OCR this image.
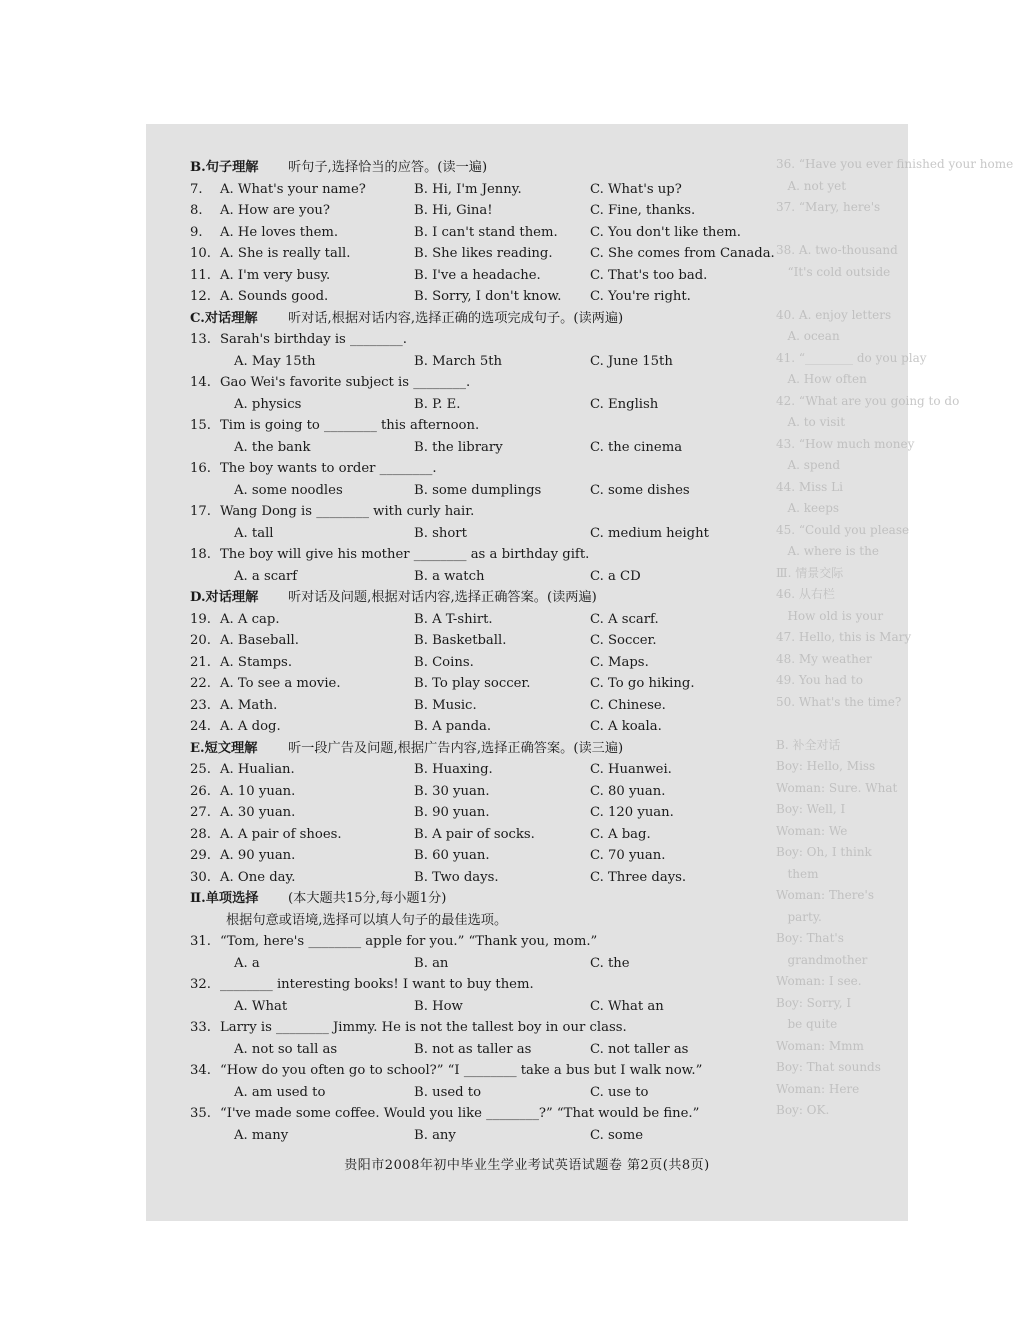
36. “Have you ever finished your home
A. not yet
37. “Mary, here's

38. A. two-thousand
“It's cold outside

40. A. enjoy letters
A. ocean
41. “________ do you play
A. How often
42. “What are you going to do
A. to visit
43. “How much money
A. spend
44. Miss Li
A. keeps
45. “Could you please
A. where is the
Ⅲ. 情景交际
46. 从右栏
How old is your
47. Hello, this is Mary
48. My weather
49. You had to
50. What's the time?

B. 补全对话
Boy: Hello, Miss
Woman: Sure. What
Boy: Well, I
Woman: We
Boy: Oh, I think
them
Woman: There's
party.
Boy: That's
grandmother
Woman: I see.
Boy: Sorry, I
be quite
Woman: Mmm
Boy: That sounds
Woman: Here
Boy: OK.
B.句子理解 听句子,选择恰当的应答。(读一遍)
7. A. What's your name?	B. Hi, I'm Jenny.	C. What's up?
8. A. How are you?	B. Hi, Gina!	C. Fine, thanks.
9. A. He loves them.	B. I can't stand them. C. You don't like them.
10. A. She is really tall.	B. She likes reading.	C. She comes from Canada.
11. A. I'm very busy.	B. I've a headache.	C. That's too bad.
12. A. Sounds good.	B. Sorry, I don't know. C. You're right.
C.对话理解 听对话,根据对话内容,选择正确的选项完成句子。(读两遍)
13. Sarah's birthday is ________.
A. May 15th	B. March 5th	C. June 15th
14. Gao Wei's favorite subject is ________.
A. physics	B. P. E.	C. English
15. Tim is going to ________ this afternoon.
A. the bank	B. the library	C. the cinema
16. The boy wants to order ________.
A. some noodles	B. some dumplings	C. some dishes
17. Wang Dong is ________ with curly hair.
A. tall	B. short	C. medium height
18. The boy will give his mother ________ as a birthday gift.
A. a scarf	B. a watch	C. a CD
D.对话理解 听对话及问题,根据对话内容,选择正确答案。(读两遍)
19. A. A cap.	B. A T-shirt.	C. A scarf.
20. A. Baseball.	B. Basketball.	C. Soccer.
21. A. Stamps.	B. Coins.	C. Maps.
22. A. To see a movie.	B. To play soccer.	C. To go hiking.
23. A. Math.	B. Music.	C. Chinese.
24. A. A dog.	B. A panda.	C. A koala.
E.短文理解 听一段广告及问题,根据广告内容,选择正确答案。(读三遍)
25. A. Hualian.	B. Huaxing.	C. Huanwei.
26. A. 10 yuan.	B. 30 yuan.	C. 80 yuan.
27. A. 30 yuan.	B. 90 yuan.	C. 120 yuan.
28. A. A pair of shoes.	B. A pair of socks.	C. A bag.
29. A. 90 yuan.	B. 60 yuan.	C. 70 yuan.
30. A. One day.	B. Two days.	C. Three days.
Ⅱ.单项选择 (本大题共15分,每小题1分)
根据句意或语境,选择可以填人句子的最佳选项。
31. “Tom, here's ________ apple for you.” “Thank you, mom.”
A. a	B. an	C. the
32. ________ interesting books! I want to buy them.
A. What	B. How	C. What an
33. Larry is ________ Jimmy. He is not the tallest boy in our class.
A. not so tall as	B. not as taller as	C. not taller as
34. “How do you often go to school?” “I ________ take a bus but I walk now.”
A. am used to	B. used to	C. use to
35. “I've made some coffee. Would you like ________?” “That would be fine.”
A. many	B. any	C. some
贵阳市2008年初中毕业生学业考试英语试题卷 第2页(共8页)
